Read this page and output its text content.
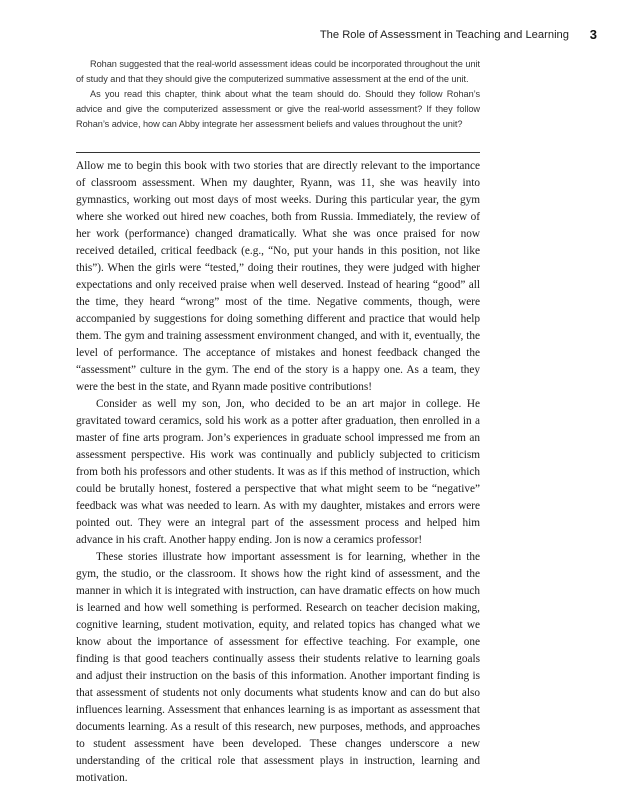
The Role of Assessment in Teaching and Learning 3

Rohan suggested that the real-world assessment ideas could be incorporated throughout the unit of study and that they should give the computerized summative assessment at the end of the unit.

As you read this chapter, think about what the team should do. Should they follow Rohan’s advice and give the computerized assessment or give the real-world assessment? If they follow Rohan’s advice, how can Abby integrate her assessment beliefs and values throughout the unit?

Allow me to begin this book with two stories that are directly relevant to the importance of classroom assessment. When my daughter, Ryann, was 11, she was heavily into gymnastics, working out most days of most weeks. During this particular year, the gym where she worked out hired new coaches, both from Russia. Immediately, the review of her work (performance) changed dramatically. What she was once praised for now received detailed, critical feedback (e.g., “No, put your hands in this position, not like this”). When the girls were “tested,” doing their routines, they were judged with higher expectations and only received praise when well deserved. Instead of hearing “good” all the time, they heard “wrong” most of the time. Negative comments, though, were accompanied by suggestions for doing something different and practice that would help them. The gym and training assessment environment changed, and with it, eventually, the level of performance. The acceptance of mistakes and honest feedback changed the “assessment” culture in the gym. The end of the story is a happy one. As a team, they were the best in the state, and Ryann made positive contributions!

Consider as well my son, Jon, who decided to be an art major in college. He gravitated toward ceramics, sold his work as a potter after graduation, then enrolled in a master of fine arts program. Jon’s experiences in graduate school impressed me from an assessment perspective. His work was continually and publicly subjected to criticism from both his professors and other students. It was as if this method of instruction, which could be brutally honest, fostered a perspective that what might seem to be “negative” feedback was what was needed to learn. As with my daughter, mistakes and errors were pointed out. They were an integral part of the assessment process and helped him advance in his craft. Another happy ending. Jon is now a ceramics professor!

These stories illustrate how important assessment is for learning, whether in the gym, the studio, or the classroom. It shows how the right kind of assessment, and the manner in which it is integrated with instruction, can have dramatic effects on how much is learned and how well something is performed. Research on teacher decision making, cognitive learning, student motivation, equity, and related topics has changed what we know about the importance of assessment for effective teaching. For example, one finding is that good teachers continually assess their students relative to learning goals and adjust their instruction on the basis of this information. Another important finding is that assessment of students not only documents what students know and can do but also influences learning. Assessment that enhances learning is as important as assessment that documents learning. As a result of this research, new purposes, methods, and approaches to student assessment have been developed. These changes underscore a new understanding of the critical role that assessment plays in instruction, learning and motivation.
